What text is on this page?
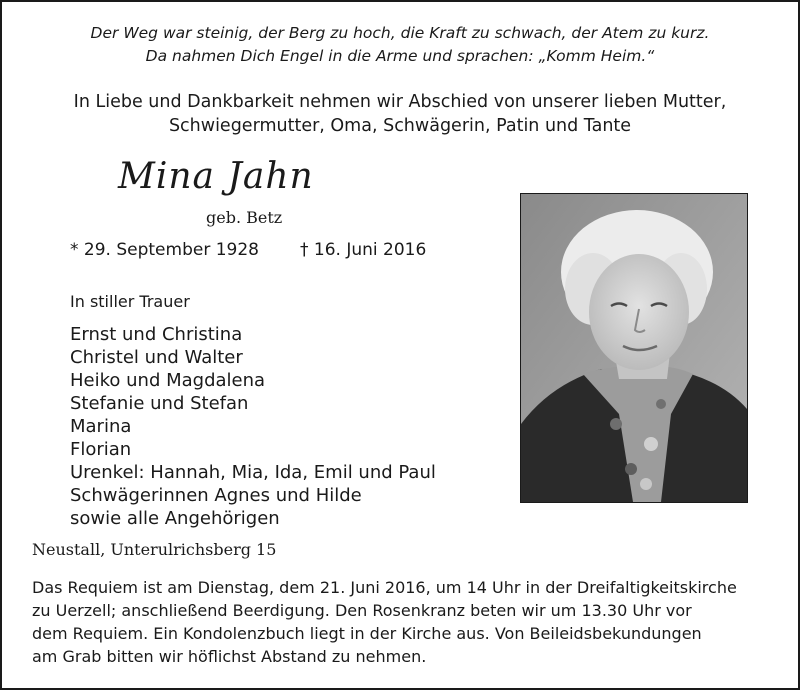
Der Weg war steinig, der Berg zu hoch, die Kraft zu schwach, der Atem zu kurz.
Da nahmen Dich Engel in die Arme und sprachen: „Komm Heim.“
In Liebe und Dankbarkeit nehmen wir Abschied von unserer lieben Mutter,
Schwiegermutter, Oma, Schwägerin, Patin und Tante
Mina Jahn
geb. Betz
* 29. September 1928 † 16. Juni 2016
In stiller Trauer
Ernst und Christina
Christel und Walter
Heiko und Magdalena
Stefanie und Stefan
Marina
Florian
Urenkel: Hannah, Mia, Ida, Emil und Paul
Schwägerinnen Agnes und Hilde
sowie alle Angehörigen
Neustall, Unterulrichsberg 15
Das Requiem ist am Dienstag, dem 21. Juni 2016, um 14 Uhr in der Dreifaltigkeitskirche
zu Uerzell; anschließend Beerdigung. Den Rosenkranz beten wir um 13.30 Uhr vor
dem Requiem. Ein Kondolenzbuch liegt in der Kirche aus. Von Beileidsbekundungen
am Grab bitten wir höflichst Abstand zu nehmen.
